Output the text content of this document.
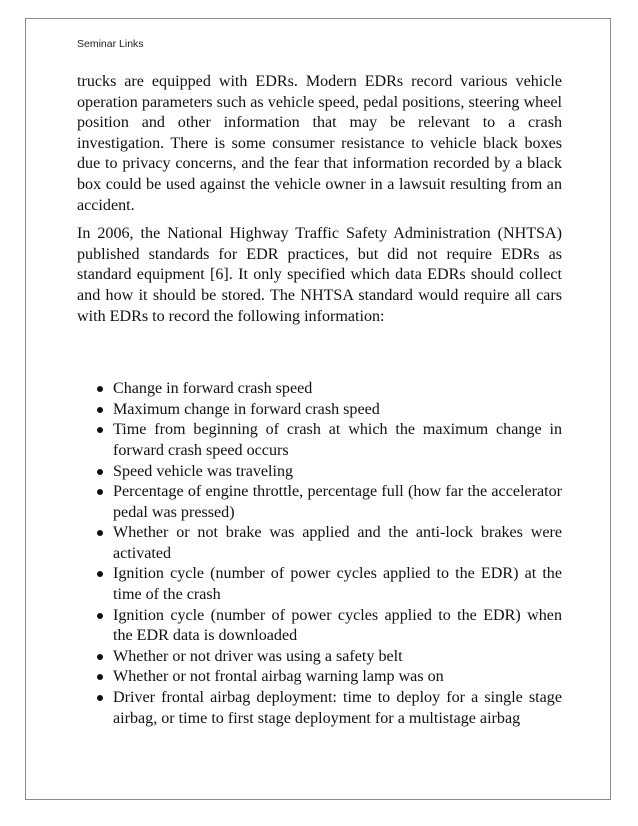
Seminar Links

trucks are equipped with EDRs. Modern EDRs record various vehicle operation parameters such as vehicle speed, pedal positions, steering wheel position and other information that may be relevant to a crash investigation. There is some consumer resistance to vehicle black boxes due to privacy concerns, and the fear that information recorded by a black box could be used against the vehicle owner in a lawsuit resulting from an accident.

In 2006, the National Highway Traffic Safety Administration (NHTSA) published standards for EDR practices, but did not require EDRs as standard equipment [6]. It only specified which data EDRs should collect and how it should be stored. The NHTSA standard would require all cars with EDRs to record the following information:

Change in forward crash speed
Maximum change in forward crash speed
Time from beginning of crash at which the maximum change in forward crash speed occurs
Speed vehicle was traveling
Percentage of engine throttle, percentage full (how far the accelerator pedal was pressed)
Whether or not brake was applied and the anti-lock brakes were activated
Ignition cycle (number of power cycles applied to the EDR) at the time of the crash
Ignition cycle (number of power cycles applied to the EDR) when the EDR data is downloaded
Whether or not driver was using a safety belt
Whether or not frontal airbag warning lamp was on
Driver frontal airbag deployment: time to deploy for a single stage airbag, or time to first stage deployment for a multistage airbag
